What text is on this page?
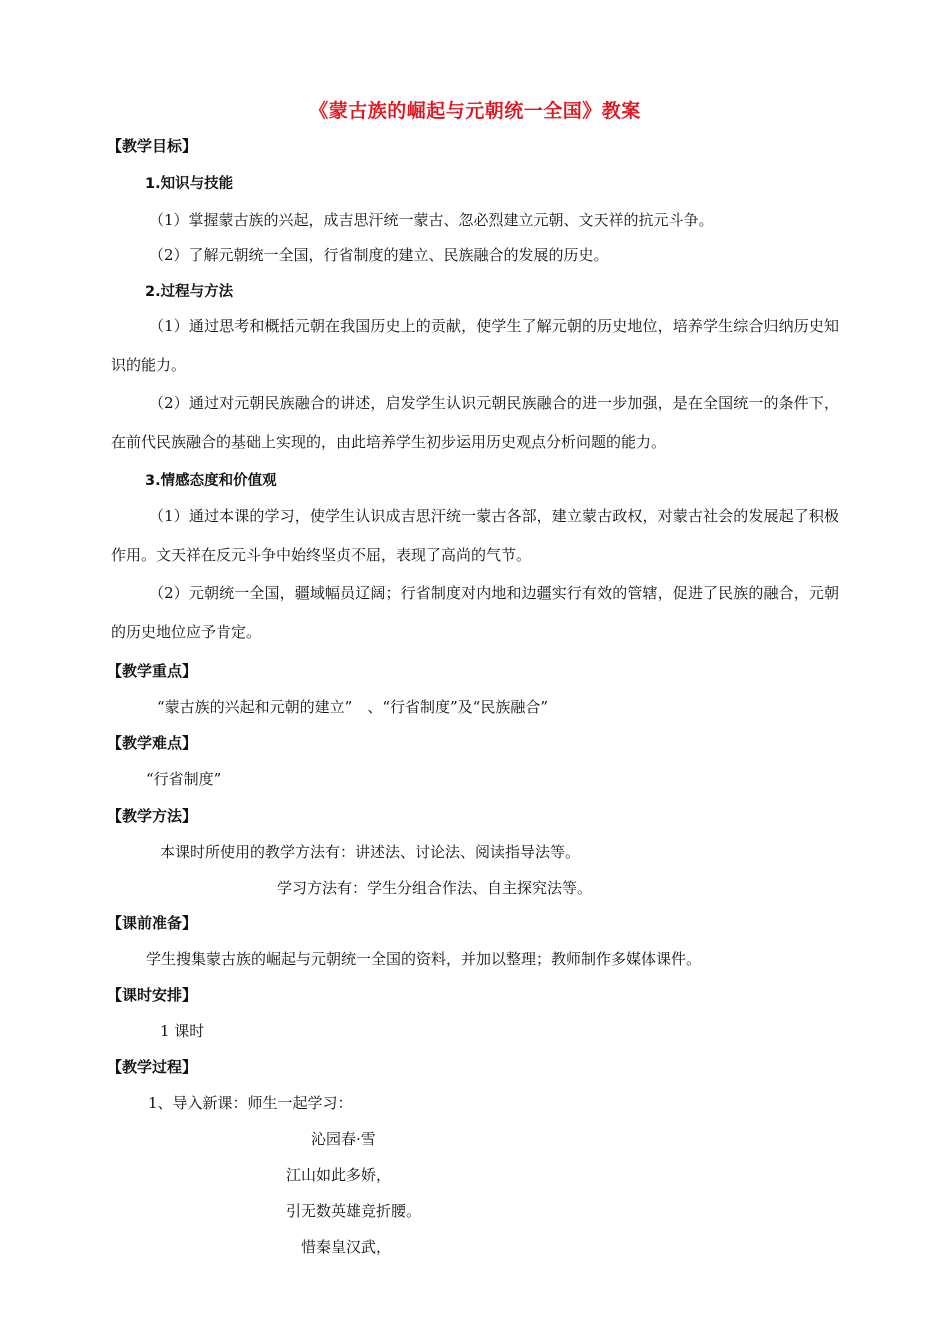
《蒙古族的崛起与元朝统一全国》教案
【教学目标】
1.知识与技能
（1）掌握蒙古族的兴起，成吉思汗统一蒙古、忽必烈建立元朝、文天祥的抗元斗争。
（2）了解元朝统一全国，行省制度的建立、民族融合的发展的历史。
2.过程与方法
（1）通过思考和概括元朝在我国历史上的贡献，使学生了解元朝的历史地位，培养学生综合归纳历史知识的能力。
（2）通过对元朝民族融合的讲述，启发学生认识元朝民族融合的进一步加强，是在全国统一的条件下，在前代民族融合的基础上实现的，由此培养学生初步运用历史观点分析问题的能力。
3.情感态度和价值观
（1）通过本课的学习，使学生认识成吉思汗统一蒙古各部，建立蒙古政权，对蒙古社会的发展起了积极作用。文天祥在反元斗争中始终坚贞不屈，表现了高尚的气节。
（2）元朝统一全国，疆域幅员辽阔；行省制度对内地和边疆实行有效的管辖，促进了民族的融合，元朝的历史地位应予肯定。
【教学重点】
“蒙古族的兴起和元朝的建立”　、“行省制度”及“民族融合”
【教学难点】
“行省制度”
【教学方法】
本课时所使用的教学方法有：讲述法、讨论法、阅读指导法等。
学习方法有：学生分组合作法、自主探究法等。
【课前准备】
学生搜集蒙古族的崛起与元朝统一全国的资料，并加以整理；教师制作多媒体课件。
【课时安排】
1 课时
【教学过程】
1、导入新课：师生一起学习：
沁园春·雪
江山如此多娇，
引无数英雄竞折腰。
惜秦皇汉武，
